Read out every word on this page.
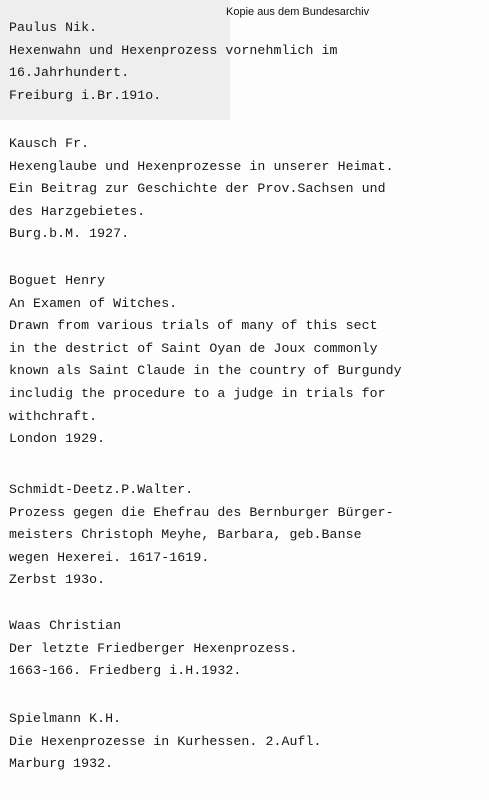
Kopie aus dem Bundesarchiv
Paulus Nik.
Hexenwahn und Hexenprozess vornehmlich im
16.Jahrhundert.
Freiburg i.Br.191o.
Kausch Fr.
Hexenglaube und Hexenprozesse in unserer Heimat.
Ein Beitrag zur Geschichte der Prov.Sachsen und
des Harzgebietes.
Burg.b.M. 1927.
Boguet Henry
An Examen of Witches.
Drawn from various trials of many of this sect
in the destrict of Saint Oyan de Joux commonly
known als Saint Claude in the country of Burgundy
includig the procedure to a judge in trials for
withchraft.
London 1929.
Schmidt-Deetz.P.Walter.
Prozess gegen die Ehefrau des Bernburger Bürger-
meisters Christoph Meyhe, Barbara, geb.Banse
wegen Hexerei. 1617-1619.
Zerbst 193o.
Waas Christian
Der letzte Friedberger Hexenprozess.
1663-166. Friedberg i.H.1932.
Spielmann K.H.
Die Hexenprozesse in Kurhessen. 2.Aufl.
Marburg 1932.
